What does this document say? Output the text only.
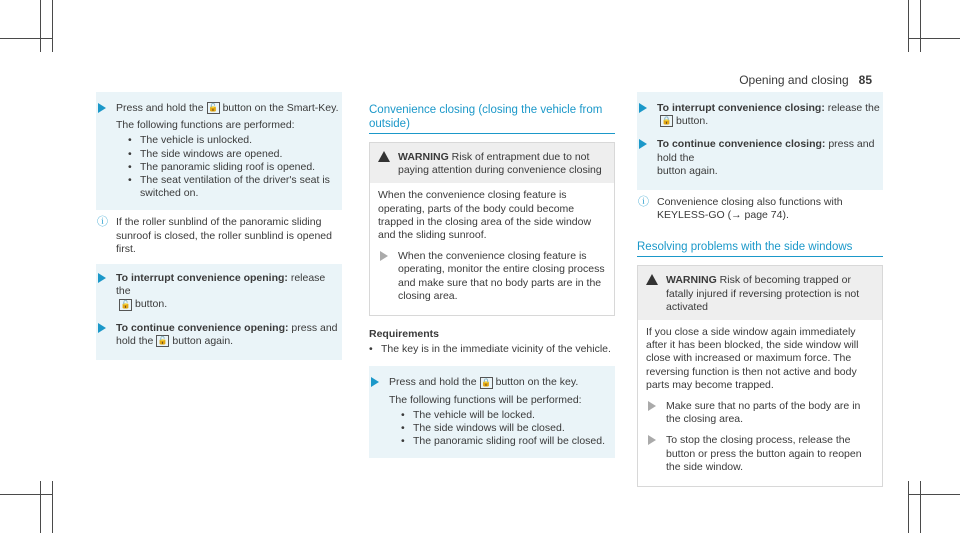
Opening and closing 85
Press and hold the 🔓 button on the Smart-Key.
The following functions are performed:
• The vehicle is unlocked.
• The side windows are opened.
• The panoramic sliding roof is opened.
• The seat ventilation of the driver's seat is switched on.
ⓘ If the roller sunblind of the panoramic sliding sunroof is closed, the roller sunblind is opened first.
To interrupt convenience opening: release the
🔓 button.
To continue convenience opening: press and hold the 🔓 button again.
Convenience closing (closing the vehicle from outside)
WARNING Risk of entrapment due to not paying attention during convenience closing
When the convenience closing feature is operating, parts of the body could become trapped in the closing area of the side window and the sliding sunroof.
When the convenience closing feature is operating, monitor the entire closing process and make sure that no body parts are in the closing area.
Requirements
• The key is in the immediate vicinity of the vehicle.
Press and hold the 🔒 button on the key.
The following functions will be performed:
• The vehicle will be locked.
• The side windows will be closed.
• The panoramic sliding roof will be closed.
To interrupt convenience closing: release the
🔒 button.
To continue convenience closing: press and hold the
button again.
ⓘ Convenience closing also functions with KEYLESS-GO (→ page 74).
Resolving problems with the side windows
WARNING Risk of becoming trapped or fatally injured if reversing protection is not activated
If you close a side window again immediately after it has been blocked, the side window will close with increased or maximum force. The reversing function is then not active and body parts may become trapped.
Make sure that no parts of the body are in the closing area.
To stop the closing process, release the button or press the button again to reopen the side window.
